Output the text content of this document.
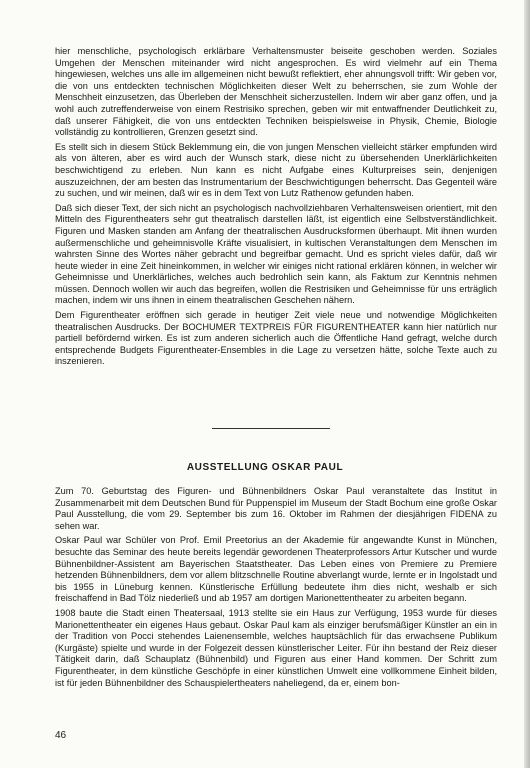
hier menschliche, psychologisch erklärbare Verhaltensmuster beiseite geschoben werden. Soziales Umgehen der Menschen miteinander wird nicht angesprochen. Es wird vielmehr auf ein Thema hingewiesen, welches uns alle im allgemeinen nicht bewußt reflektiert, eher ahnungsvoll trifft: Wir geben vor, die von uns entdeckten technischen Möglichkeiten dieser Welt zu beherrschen, sie zum Wohle der Menschheit einzusetzen, das Überleben der Menschheit sicherzustellen. Indem wir aber ganz offen, und ja wohl auch zutreffenderweise von einem Restrisiko sprechen, geben wir mit entwaffnender Deutlichkeit zu, daß unserer Fähigkeit, die von uns entdeckten Techniken beispielsweise in Physik, Chemie, Biologie vollständig zu kontrollieren, Grenzen gesetzt sind.

Es stellt sich in diesem Stück Beklemmung ein, die von jungen Menschen vielleicht stärker empfunden wird als von älteren, aber es wird auch der Wunsch stark, diese nicht zu übersehenden Unerklärlichkeiten beschwichtigend zu erleben. Nun kann es nicht Aufgabe eines Kulturpreises sein, denjenigen auszuzeichnen, der am besten das Instrumentarium der Beschwichtigungen beherrscht. Das Gegenteil wäre zu suchen, und wir meinen, daß wir es in dem Text von Lutz Rathenow gefunden haben.

Daß sich dieser Text, der sich nicht an psychologisch nachvollziehbaren Verhaltensweisen orientiert, mit den Mitteln des Figurentheaters sehr gut theatralisch darstellen läßt, ist eigentlich eine Selbstverständlichkeit. Figuren und Masken standen am Anfang der theatralischen Ausdrucksformen überhaupt. Mit ihnen wurden außermenschliche und geheimnisvolle Kräfte visualisiert, in kultischen Veranstaltungen dem Menschen im wahrsten Sinne des Wortes näher gebracht und begreifbar gemacht. Und es spricht vieles dafür, daß wir heute wieder in eine Zeit hineinkommen, in welcher wir einiges nicht rational erklären können, in welcher wir Geheimnisse und Unerklärliches, welches auch bedrohlich sein kann, als Faktum zur Kenntnis nehmen müssen. Dennoch wollen wir auch das begreifen, wollen die Restrisiken und Geheimnisse für uns erträglich machen, indem wir uns ihnen in einem theatralischen Geschehen nähern.

Dem Figurentheater eröffnen sich gerade in heutiger Zeit viele neue und notwendige Möglichkeiten theatralischen Ausdrucks. Der BOCHUMER TEXTPREIS FÜR FIGURENTHEATER kann hier natürlich nur partiell befördernd wirken. Es ist zum anderen sicherlich auch die Öffentliche Hand gefragt, welche durch entsprechende Budgets Figurentheater-Ensembles in die Lage zu versetzen hätte, solche Texte auch zu inszenieren.

AUSSTELLUNG OSKAR PAUL

Zum 70. Geburtstag des Figuren- und Bühnenbildners Oskar Paul veranstaltete das Institut in Zusammenarbeit mit dem Deutschen Bund für Puppenspiel im Museum der Stadt Bochum eine große Oskar Paul Ausstellung, die vom 29. September bis zum 16. Oktober im Rahmen der diesjährigen FIDENA zu sehen war.

Oskar Paul war Schüler von Prof. Emil Preetorius an der Akademie für angewandte Kunst in München, besuchte das Seminar des heute bereits legendär gewordenen Theaterprofessors Artur Kutscher und wurde Bühnenbildner-Assistent am Bayerischen Staatstheater. Das Leben eines von Premiere zu Premiere hetzenden Bühnenbildners, dem vor allem blitzschnelle Routine abverlangt wurde, lernte er in Ingolstadt und bis 1955 in Lüneburg kennen. Künstlerische Erfüllung bedeutete ihm dies nicht, weshalb er sich freischaffend in Bad Tölz niederließ und ab 1957 am dortigen Marionettentheater zu arbeiten begann.

1908 baute die Stadt einen Theatersaal, 1913 stellte sie ein Haus zur Verfügung, 1953 wurde für dieses Marionettentheater ein eigenes Haus gebaut. Oskar Paul kam als einziger berufsmäßiger Künstler an ein in der Tradition von Pocci stehendes Laienensemble, welches hauptsächlich für das erwachsene Publikum (Kurgäste) spielte und wurde in der Folgezeit dessen künstlerischer Leiter. Für ihn bestand der Reiz dieser Tätigkeit darin, daß Schauplatz (Bühnenbild) und Figuren aus einer Hand kommen. Der Schritt zum Figurentheater, in dem künstliche Geschöpfe in einer künstlichen Umwelt eine vollkommene Einheit bilden, ist für jeden Bühnenbildner des Schauspielertheaters naheliegend, da er, einem bon-

46
